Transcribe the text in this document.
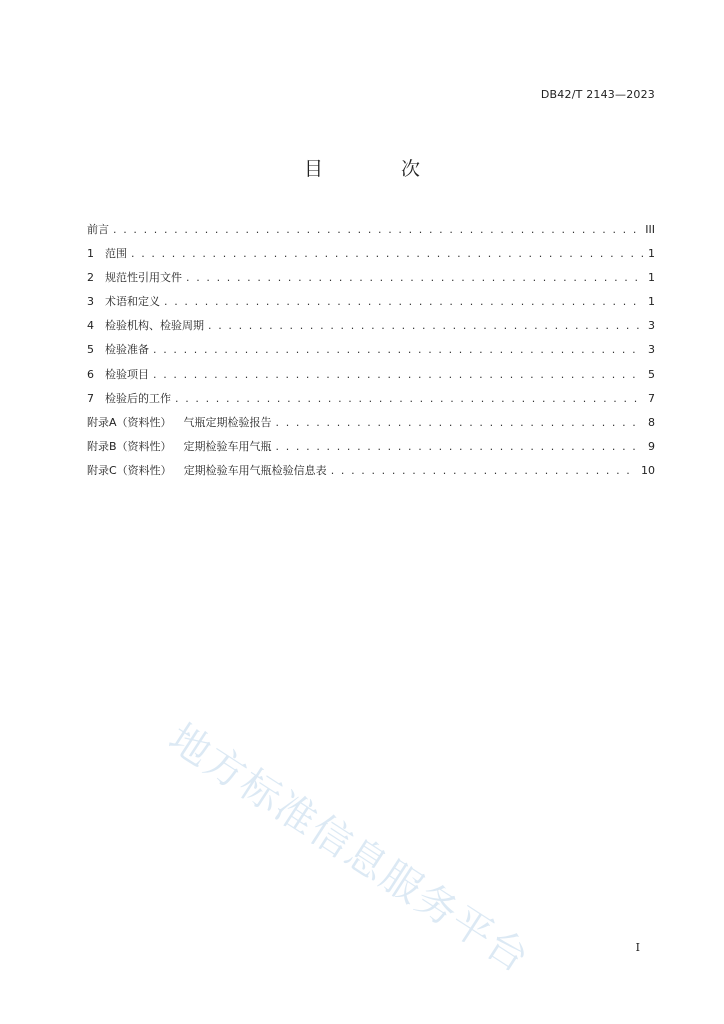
DB42/T 2143—2023
目 次
前言 . . .	III
1	范围 . . .	1
2	规范性引用文件 . . .	1
3	术语和定义 . . .	1
4	检验机构、检验周期 . . .	3
5	检验准备 . . .	3
6	检验项目 . . .	5
7	检验后的工作 . . .	7
附录A（资料性） 气瓶定期检验报告 . . .	8
附录B（资料性） 定期检验车用气瓶 . . .	9
附录C（资料性） 定期检验车用气瓶检验信息表 . . .	10
地方标准信息服务平台	I
